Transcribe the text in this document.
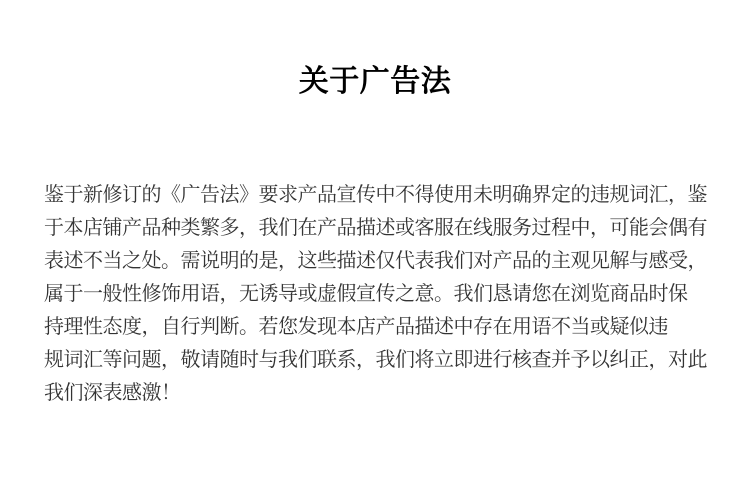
关于广告法
鉴于新修订的《广告法》要求产品宣传中不得使用未明确界定的违规词汇，鉴
于本店铺产品种类繁多，我们在产品描述或客服在线服务过程中，可能会偶有
表述不当之处。需说明的是，这些描述仅代表我们对产品的主观见解与感受，
属于一般性修饰用语，无诱导或虚假宣传之意。我们恳请您在浏览商品时保
持理性态度，自行判断。若您发现本店产品描述中存在用语不当或疑似违
规词汇等问题，敬请随时与我们联系，我们将立即进行核查并予以纠正，对此
我们深表感激！
